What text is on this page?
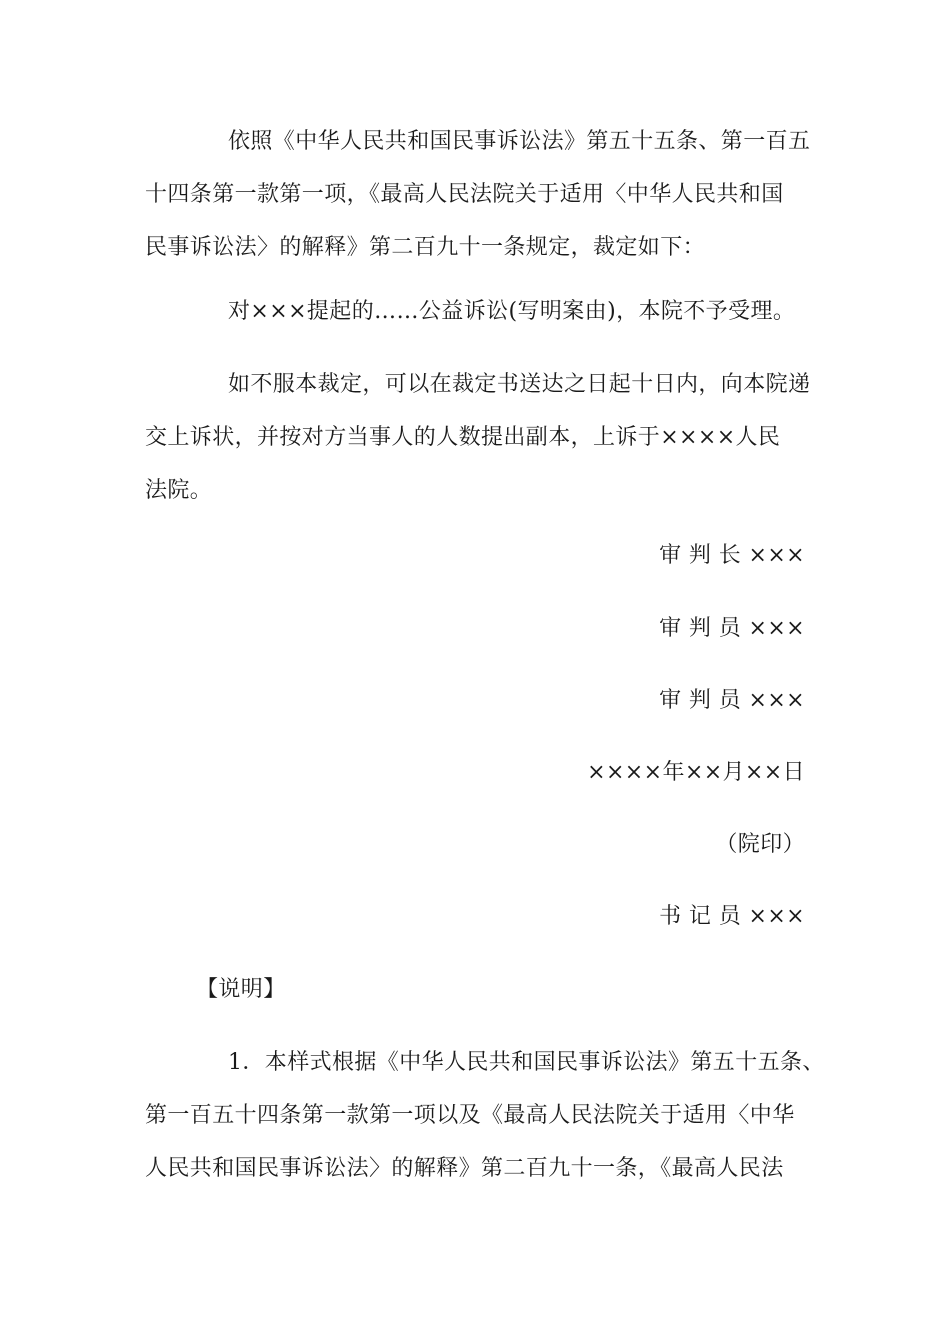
依照《中华人民共和国民事诉讼法》第五十五条、第一百五
十四条第一款第一项，《最高人民法院关于适用〈中华人民共和国
民事诉讼法〉的解释》第二百九十一条规定，裁定如下：
对×××提起的……公益诉讼(写明案由)，本院不予受理。
如不服本裁定，可以在裁定书送达之日起十日内，向本院递
交上诉状，并按对方当事人的人数提出副本，上诉于××××人民
法院。
审 判 长 ×××
审 判 员 ×××
审 判 员 ×××
××××年××月××日
（院印）
书 记 员 ×××
【说明】
1．本样式根据《中华人民共和国民事诉讼法》第五十五条、
第一百五十四条第一款第一项以及《最高人民法院关于适用〈中华
人民共和国民事诉讼法〉的解释》第二百九十一条，《最高人民法
